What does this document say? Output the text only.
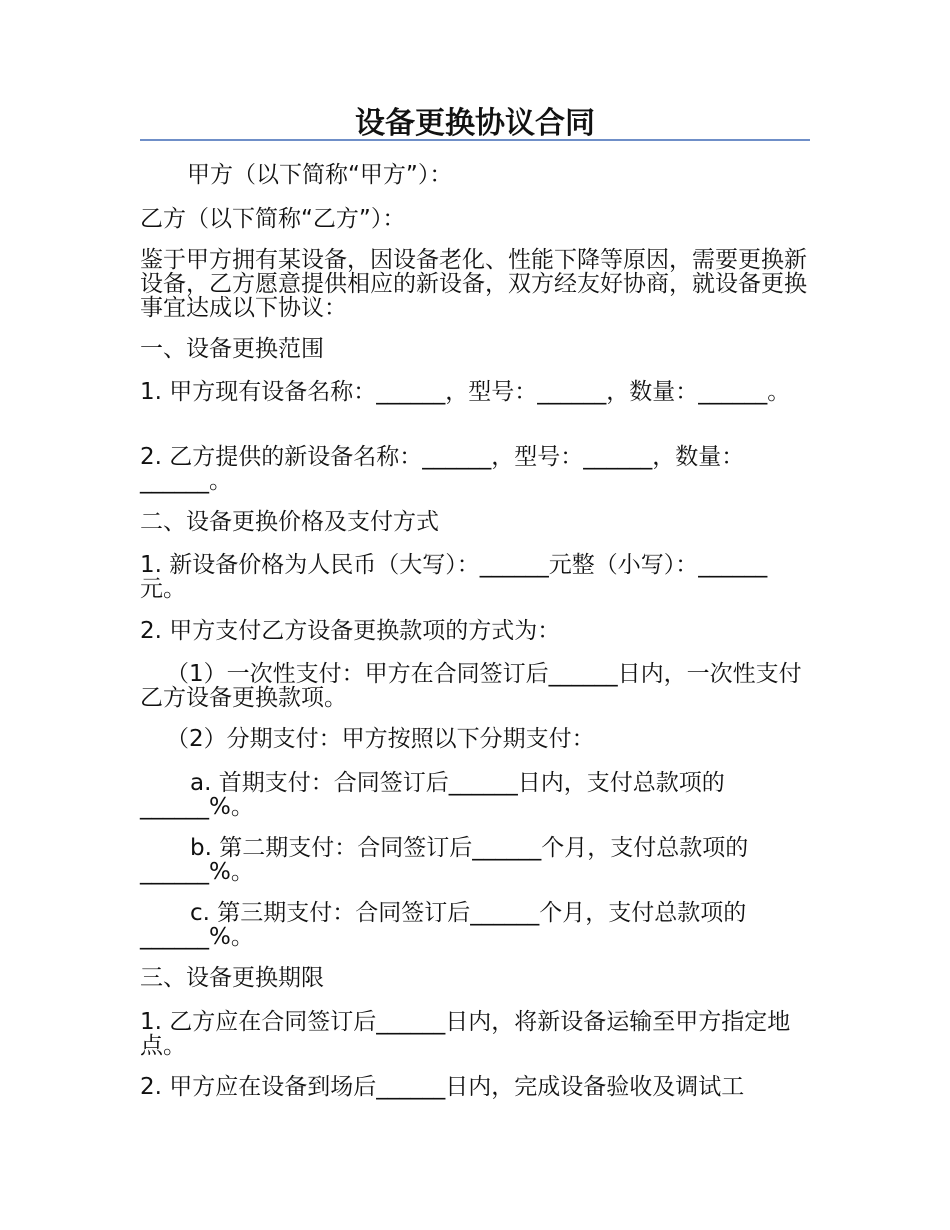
设备更换协议合同

甲方（以下简称“甲方”）：

乙方（以下简称“乙方”）：

鉴于甲方拥有某设备，因设备老化、性能下降等原因，需要更换新设备，乙方愿意提供相应的新设备，双方经友好协商，就设备更换事宜达成以下协议：

一、设备更换范围

1. 甲方现有设备名称：______，型号：______，数量：______。

2. 乙方提供的新设备名称：______，型号：______，数量：______。

二、设备更换价格及支付方式

1. 新设备价格为人民币（大写）：______元整（小写）：______元。

2. 甲方支付乙方设备更换款项的方式为：

（1）一次性支付：甲方在合同签订后______日内，一次性支付乙方设备更换款项。

（2）分期支付：甲方按照以下分期支付：

a. 首期支付：合同签订后______日内，支付总款项的______%。

b. 第二期支付：合同签订后______个月，支付总款项的______%。

c. 第三期支付：合同签订后______个月，支付总款项的______%。

三、设备更换期限

1. 乙方应在合同签订后______日内，将新设备运输至甲方指定地点。

2. 甲方应在设备到场后______日内，完成设备验收及调试工
